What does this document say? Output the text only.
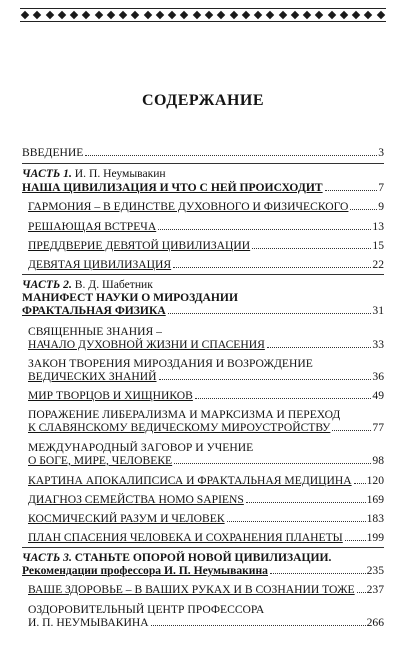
СОДЕРЖАНИЕ
ВВЕДЕНИЕ	3
ЧАСТЬ 1. И. П. Неумывакин
НАША ЦИВИЛИЗАЦИЯ И ЧТО С НЕЙ ПРОИСХОДИТ	7
ГАРМОНИЯ – В ЕДИНСТВЕ ДУХОВНОГО И ФИЗИЧЕСКОГО	9
РЕШАЮЩАЯ ВСТРЕЧА	13
ПРЕДДВЕРИЕ ДЕВЯТОЙ ЦИВИЛИЗАЦИИ	15
ДЕВЯТАЯ ЦИВИЛИЗАЦИЯ	22
ЧАСТЬ 2. В. Д. Шабетник
МАНИФЕСТ НАУКИ О МИРОЗДАНИИ
ФРАКТАЛЬНАЯ ФИЗИКА	31
СВЯЩЕННЫЕ ЗНАНИЯ –
НАЧАЛО ДУХОВНОЙ ЖИЗНИ И СПАСЕНИЯ	33
ЗАКОН ТВОРЕНИЯ МИРОЗДАНИЯ И ВОЗРОЖДЕНИЕ
ВЕДИЧЕСКИХ ЗНАНИЙ	36
МИР ТВОРЦОВ И ХИЩНИКОВ	49
ПОРАЖЕНИЕ ЛИБЕРАЛИЗМА И МАРКСИЗМА И ПЕРЕХОД
К СЛАВЯНСКОМУ ВЕДИЧЕСКОМУ МИРОУСТРОЙСТВУ	77
МЕЖДУНАРОДНЫЙ ЗАГОВОР И УЧЕНИЕ
О БОГЕ, МИРЕ, ЧЕЛОВЕКЕ	98
КАРТИНА АПОКАЛИПСИСА И ФРАКТАЛЬНАЯ МЕДИЦИНА 120
ДИАГНОЗ СЕМЕЙСТВА HOMO SAPIENS	169
КОСМИЧЕСКИЙ РАЗУМ И ЧЕЛОВЕК	183
ПЛАН СПАСЕНИЯ ЧЕЛОВЕКА И СОХРАНЕНИЯ ПЛАНЕТЫ 199
ЧАСТЬ 3. СТАНЬТЕ ОПОРОЙ НОВОЙ ЦИВИЛИЗАЦИИ.
Рекомендации профессора И. П. Неумывакина	235
ВАШЕ ЗДОРОВЬЕ – В ВАШИХ РУКАХ И В СОЗНАНИИ ТОЖЕ 237
ОЗДОРОВИТЕЛЬНЫЙ ЦЕНТР ПРОФЕССОРА
И. П. НЕУМЫВАКИНА	266
